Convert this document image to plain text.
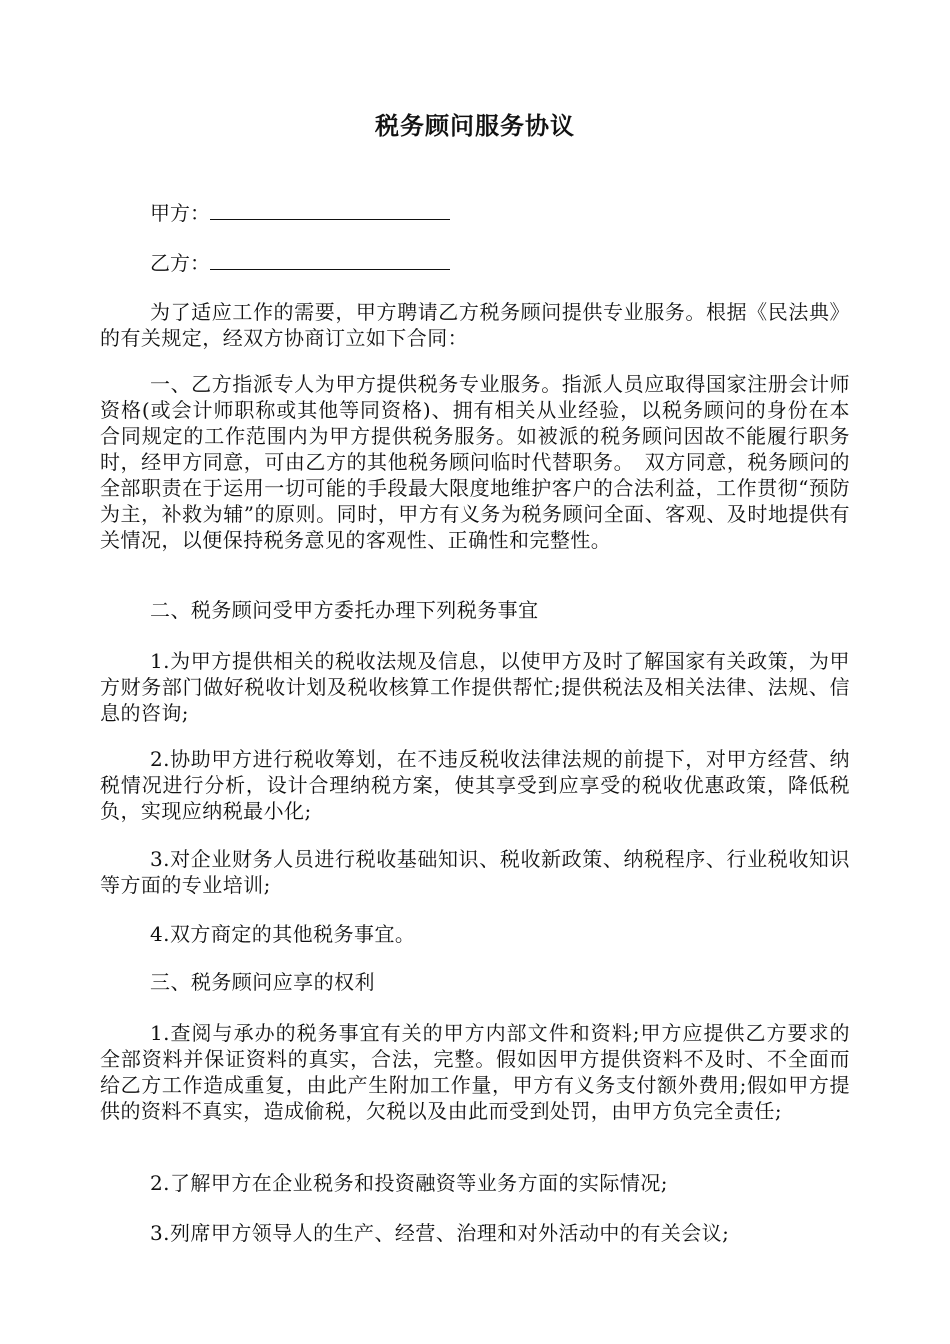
税务顾问服务协议
甲方：
乙方：

为了适应工作的需要，甲方聘请乙方税务顾问提供专业服务。根据《民法典》的有关规定，经双方协商订立如下合同：

一、乙方指派专人为甲方提供税务专业服务。指派人员应取得国家注册会计师资格(或会计师职称或其他等同资格)、拥有相关从业经验，以税务顾问的身份在本合同规定的工作范围内为甲方提供税务服务。如被派的税务顾问因故不能履行职务时，经甲方同意，可由乙方的其他税务顾问临时代替职务。　双方同意，税务顾问的全部职责在于运用一切可能的手段最大限度地维护客户的合法利益，工作贯彻“预防为主，补救为辅”的原则。同时，甲方有义务为税务顾问全面、客观、及时地提供有关情况，以便保持税务意见的客观性、正确性和完整性。

二、税务顾问受甲方委托办理下列税务事宜

1.为甲方提供相关的税收法规及信息，以使甲方及时了解国家有关政策，为甲方财务部门做好税收计划及税收核算工作提供帮忙;提供税法及相关法律、法规、信息的咨询;

2.协助甲方进行税收筹划，在不违反税收法律法规的前提下，对甲方经营、纳税情况进行分析，设计合理纳税方案，使其享受到应享受的税收优惠政策，降低税负，实现应纳税最小化;

3.对企业财务人员进行税收基础知识、税收新政策、纳税程序、行业税收知识等方面的专业培训;

4.双方商定的其他税务事宜。

三、税务顾问应享的权利

1.查阅与承办的税务事宜有关的甲方内部文件和资料;甲方应提供乙方要求的全部资料并保证资料的真实，合法，完整。假如因甲方提供资料不及时、不全面而给乙方工作造成重复，由此产生附加工作量，甲方有义务支付额外费用;假如甲方提供的资料不真实，造成偷税，欠税以及由此而受到处罚，由甲方负完全责任;

2.了解甲方在企业税务和投资融资等业务方面的实际情况;

3.列席甲方领导人的生产、经营、治理和对外活动中的有关会议;
